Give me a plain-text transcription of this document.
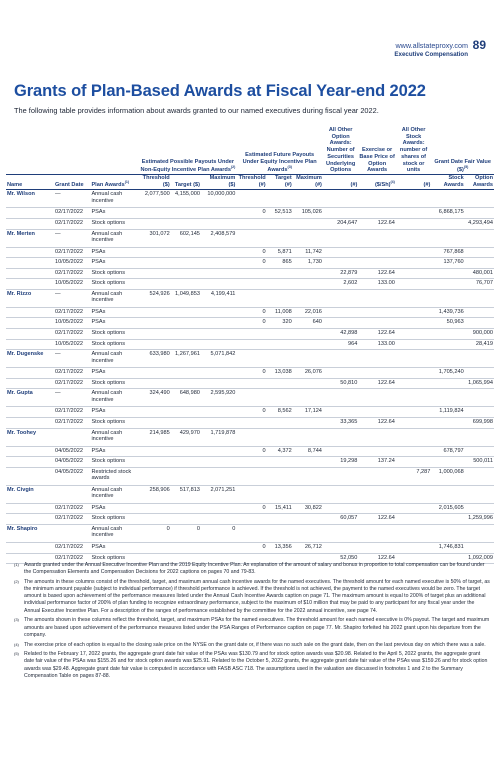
www.allstateproxy.com
Executive Compensation
89
Grants of Plan-Based Awards at Fiscal Year-end 2022
The following table provides information about awards granted to our named executives during fiscal year 2022.
			Estimated Possible Payouts Under Non-Equity Incentive Plan Awards$^{(2)}$			Estimated Future Payouts Under Equity Incentive Plan Awards$^{(3)}$			All Other Option Awards: Number of Securities Underlying Options	Exercise or Base Price of Option Awards	All Other Stock Awards: number of shares of stock or units	Grant Date Fair Value ($)$^{(5)}$
Name	Grant Date	Plan Awards$^{(1)}$	Threshold ($)	Target ($)	Maximum ($)	Threshold (#)	Target (#)	Maximum (#)	(#)	($/Sh)$^{(4)}$	(#)	Stock Awards	Option Awards
Mr. Wilson	—	Annual cash incentive	2,077,500	4,155,000	10,000,000								
	02/17/2022	PSAs				0	52,513	105,026				6,868,175	
	02/17/2022	Stock options							204,647	122.64			4,293,494
Mr. Merten	—	Annual cash incentive	301,072	602,145	2,408,579								
	02/17/2022	PSAs				0	5,871	11,742				767,868	
	10/05/2022	PSAs				0	865	1,730				137,760	
	02/17/2022	Stock options							22,879	122.64			480,001
	10/05/2022	Stock options							2,602	133.00			76,707
Mr. Rizzo	—	Annual cash incentive	524,926	1,049,853	4,199,411								
	02/17/2022	PSAs				0	11,008	22,016				1,439,736	
	10/05/2022	PSAs				0	320	640				50,963	
	02/17/2022	Stock options							42,898	122.64			900,000
	10/05/2022	Stock options							964	133.00			28,419
Mr. Dugenske	—	Annual cash incentive	633,980	1,267,961	5,071,842								
	02/17/2022	PSAs				0	13,038	26,076				1,705,240	
	02/17/2022	Stock options							50,810	122.64			1,065,994
Mr. Gupta	—	Annual cash incentive	324,490	648,980	2,595,920								
	02/17/2022	PSAs				0	8,562	17,124				1,119,824	
	02/17/2022	Stock options							33,365	122.64			699,998
Mr. Toohey		Annual cash incentive	214,985	429,970	1,719,878								
	04/05/2022	PSAs				0	4,372	8,744				678,797	
	04/05/2022	Stock options							19,298	137.24			500,011
	04/05/2022	Restricted stock awards									7,287	1,000,068	
Mr. Civgin		Annual cash incentive	258,906	517,813	2,071,251								
	02/17/2022	PSAs				0	15,411	30,822				2,015,605	
	02/17/2022	Stock options							60,057	122.64			1,259,996
Mr. Shapiro		Annual cash incentive	0	0	0								
	02/17/2022	PSAs				0	13,356	26,712				1,746,831	
	02/17/2022	Stock options							52,050	122.64			1,092,009
(1) Awards granted under the Annual Executive Incentive Plan and the 2019 Equity Incentive Plan. An explanation of the amount of salary and bonus in proportion to total compensation can be found under the Compensation Elements and Compensation Decisions for 2022 captions on pages 70 and 79-83.
(2) The amounts in these columns consist of the threshold, target, and maximum annual cash incentive awards for the named executives. The threshold amount for each named executive is 50% of target, as the minimum amount payable (subject to individual performance) if threshold performance is achieved. If the threshold is not achieved, the payment to the named executives would be zero. The target amount is based upon achievement of the performance measures listed under the Annual Cash Incentive Awards caption on page 71. The maximum amount is equal to 200% of target plus an additional individual performance factor of 200% of plan funding to recognize extraordinary performance, subject to the maximum of $10 million that may be paid to any participant for any fiscal year under the Annual Executive Incentive Plan. For a description of the ranges of performance established by the committee for the 2022 annual incentive, see page 74.
(3) The amounts shown in these columns reflect the threshold, target, and maximum PSAs for the named executives. The threshold amount for each named executive is 0% payout. The target and maximum amounts are based upon achievement of the performance measures listed under the PSA Ranges of Performance caption on page 77. Mr. Shapiro forfeited his 2022 grant upon his departure from the company.
(4) The exercise price of each option is equal to the closing sale price on the NYSE on the grant date or, if there was no such sale on the grant date, then on the last previous day on which there was a sale.
(5) Related to the February 17, 2022 grants, the aggregate grant date fair value of the PSAs was $130.79 and for stock option awards was $20.98. Related to the April 5, 2022 grants, the aggregate grant date fair value of the PSAs was $155.26 and for stock option awards was $25.91. Related to the October 5, 2022 grants, the aggregate grant date fair value of the PSAs was $159.26 and for stock option awards was $29.48. Aggregate grant date fair value is computed in accordance with FASB ASC 718. The assumptions used in the valuation are discussed in footnotes 1 and 2 to the Summary Compensation Table on pages 87-88.
